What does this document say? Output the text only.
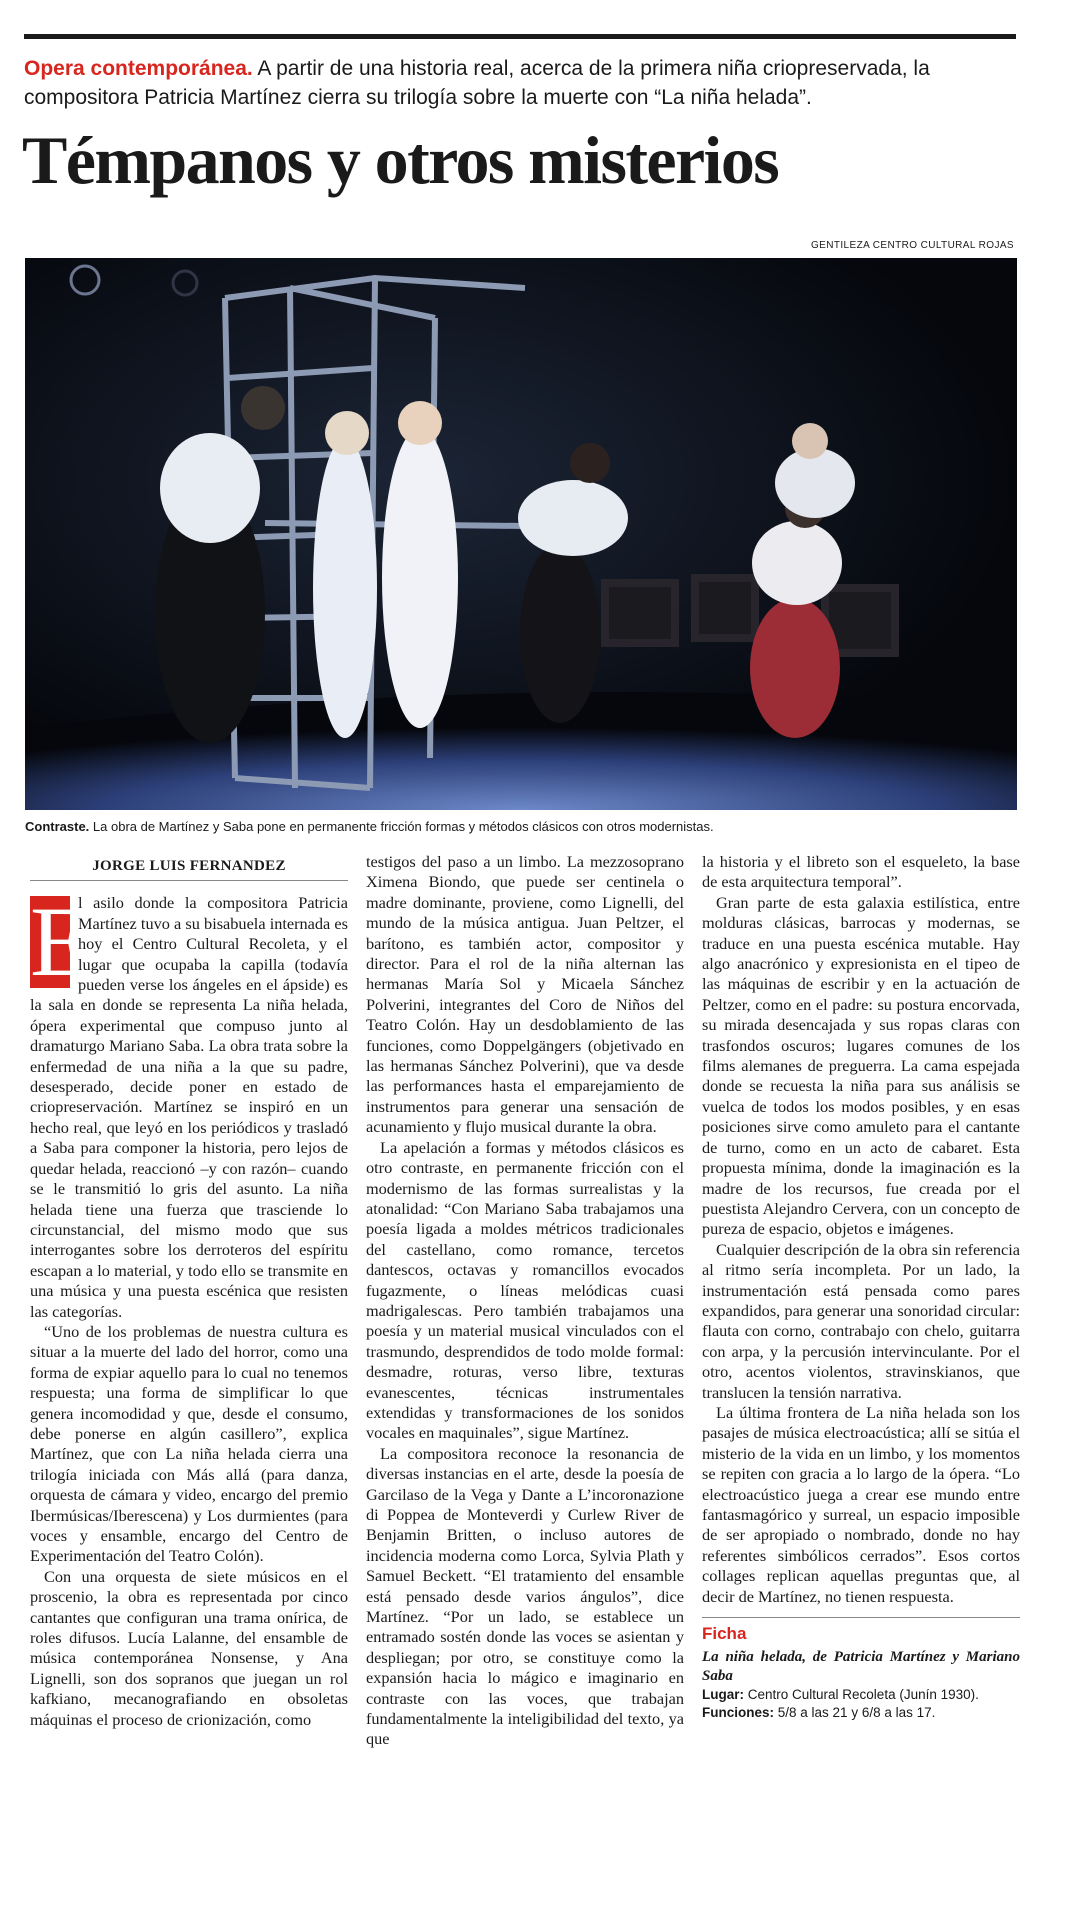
Opera contemporánea. A partir de una historia real, acerca de la primera niña criopreservada, la compositora Patricia Martínez cierra su trilogía sobre la muerte con “La niña helada”.
Témpanos y otros misterios
GENTILEZA CENTRO CULTURAL ROJAS
Contraste. La obra de Martínez y Saba pone en permanente fricción formas y métodos clásicos con otros modernistas.
JORGE LUIS FERNANDEZ
E

l asilo donde la compositora Patricia Martínez tuvo a su bisabuela internada es hoy el Centro Cultural Recoleta, y el lugar que ocupaba la capilla (todavía pueden verse los ángeles en el ápside) es la sala en donde se representa La niña helada, ópera experimental que compuso junto al dramaturgo Mariano Saba. La obra trata sobre la enfermedad de una niña a la que su padre, desesperado, decide poner en estado de criopreservación. Martínez se inspiró en un hecho real, que leyó en los periódicos y trasladó a Saba para componer la historia, pero lejos de quedar helada, reaccionó –y con razón– cuando se le transmitió lo gris del asunto. La niña helada tiene una fuerza que trasciende lo circunstancial, del mismo modo que sus interrogantes sobre los derroteros del espíritu escapan a lo material, y todo ello se transmite en una música y una puesta escénica que resisten las categorías.

“Uno de los problemas de nuestra cultura es situar a la muerte del lado del horror, como una forma de expiar aquello para lo cual no tenemos respuesta; una forma de simplificar lo que genera incomodidad y que, desde el consumo, debe ponerse en algún casillero”, explica Martínez, que con La niña helada cierra una trilogía iniciada con Más allá (para danza, orquesta de cámara y video, encargo del premio Ibermúsicas/Iberescena) y Los durmientes (para voces y ensamble, encargo del Centro de Experimentación del Teatro Colón).

Con una orquesta de siete músicos en el proscenio, la obra es representada por cinco cantantes que configuran una trama onírica, de roles difusos. Lucía Lalanne, del ensamble de música contemporánea Nonsense, y Ana Lignelli, son dos sopranos que juegan un rol kafkiano, mecanografiando en obsoletas máquinas el proceso de crionización, como

testigos del paso a un limbo. La mezzosoprano Ximena Biondo, que puede ser centinela o madre dominante, proviene, como Lignelli, del mundo de la música antigua. Juan Peltzer, el barítono, es también actor, compositor y director. Para el rol de la niña alternan las hermanas María Sol y Micaela Sánchez Polverini, integrantes del Coro de Niños del Teatro Colón. Hay un desdoblamiento de las funciones, como Doppelgängers (objetivado en las hermanas Sánchez Polverini), que va desde las performances hasta el emparejamiento de instrumentos para generar una sensación de acunamiento y flujo musical durante la obra.

La apelación a formas y métodos clásicos es otro contraste, en permanente fricción con el modernismo de las formas surrealistas y la atonalidad: “Con Mariano Saba trabajamos una poesía ligada a moldes métricos tradicionales del castellano, como romance, tercetos dantescos, octavas y romancillos evocados fugazmente, o líneas melódicas cuasi madrigalescas. Pero también trabajamos una poesía y un material musical vinculados con el trasmundo, desprendidos de todo molde formal: desmadre, roturas, verso libre, texturas evanescentes, técnicas instrumentales extendidas y transformaciones de los sonidos vocales en maquinales”, sigue Martínez.

La compositora reconoce la resonancia de diversas instancias en el arte, desde la poesía de Garcilaso de la Vega y Dante a L’incoronazione di Poppea de Monteverdi y Curlew River de Benjamin Britten, o incluso autores de incidencia moderna como Lorca, Sylvia Plath y Samuel Beckett. “El tratamiento del ensamble está pensado desde varios ángulos”, dice Martínez. “Por un lado, se establece un entramado sostén donde las voces se asientan y despliegan; por otro, se constituye como la expansión hacia lo mágico e imaginario en contraste con las voces, que trabajan fundamentalmente la inteligibilidad del texto, ya que

la historia y el libreto son el esqueleto, la base de esta arquitectura temporal”.

Gran parte de esta galaxia estilística, entre molduras clásicas, barrocas y modernas, se traduce en una puesta escénica mutable. Hay algo anacrónico y expresionista en el tipeo de las máquinas de escribir y en la actuación de Peltzer, como en el padre: su postura encorvada, su mirada desencajada y sus ropas claras con trasfondos oscuros; lugares comunes de los films alemanes de preguerra. La cama espejada donde se recuesta la niña para sus análisis se vuelca de todos los modos posibles, y en esas posiciones sirve como amuleto para el cantante de turno, como en un acto de cabaret. Esta propuesta mínima, donde la imaginación es la madre de los recursos, fue creada por el puestista Alejandro Cervera, con un concepto de pureza de espacio, objetos e imágenes.

Cualquier descripción de la obra sin referencia al ritmo sería incompleta. Por un lado, la instrumentación está pensada como pares expandidos, para generar una sonoridad circular: flauta con corno, contrabajo con chelo, guitarra con arpa, y la percusión intervinculante. Por el otro, acentos violentos, stravinskianos, que translucen la tensión narrativa.

La última frontera de La niña helada son los pasajes de música electroacústica; allí se sitúa el misterio de la vida en un limbo, y los momentos se repiten con gracia a lo largo de la ópera. “Lo electroacústico juega a crear ese mundo entre fantasmagórico y surreal, un espacio imposible de ser apropiado o nombrado, donde no hay referentes simbólicos cerrados”. Esos cortos collages replican aquellas preguntas que, al decir de Martínez, no tienen respuesta.

Ficha
La niña helada, de Patricia Martínez y Mariano Saba
Lugar: Centro Cultural Recoleta (Junín 1930).
Funciones: 5/8 a las 21 y 6/8 a las 17.
